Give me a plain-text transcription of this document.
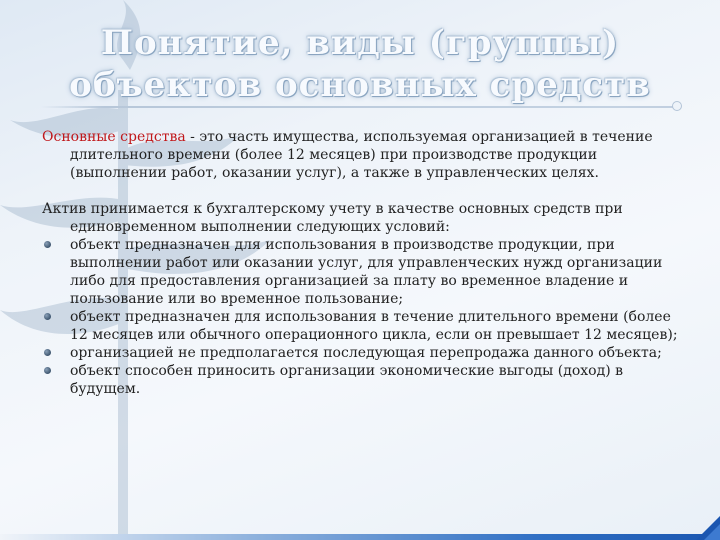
Понятие, виды (группы)
объектов основных средств

Основные средства - это часть имущества, используемая организацией в течение длительного времени (более 12 месяцев) при производстве продукции (выполнении работ, оказании услуг), а также в управленческих целях.

Актив принимается к бухгалтерскому учету в качестве основных средств при единовременном выполнении следующих условий:

объект предназначен для использования в производстве продукции, при выполнении работ или оказании услуг, для управленческих нужд организации либо для предоставления организацией за плату во временное владение и пользование или во временное пользование;
объект предназначен для использования в течение длительного времени (более 12 месяцев или обычного операционного цикла, если он превышает 12 месяцев);
организацией не предполагается последующая перепродажа данного объекта;
объект способен приносить организации экономические выгоды (доход) в будущем.
